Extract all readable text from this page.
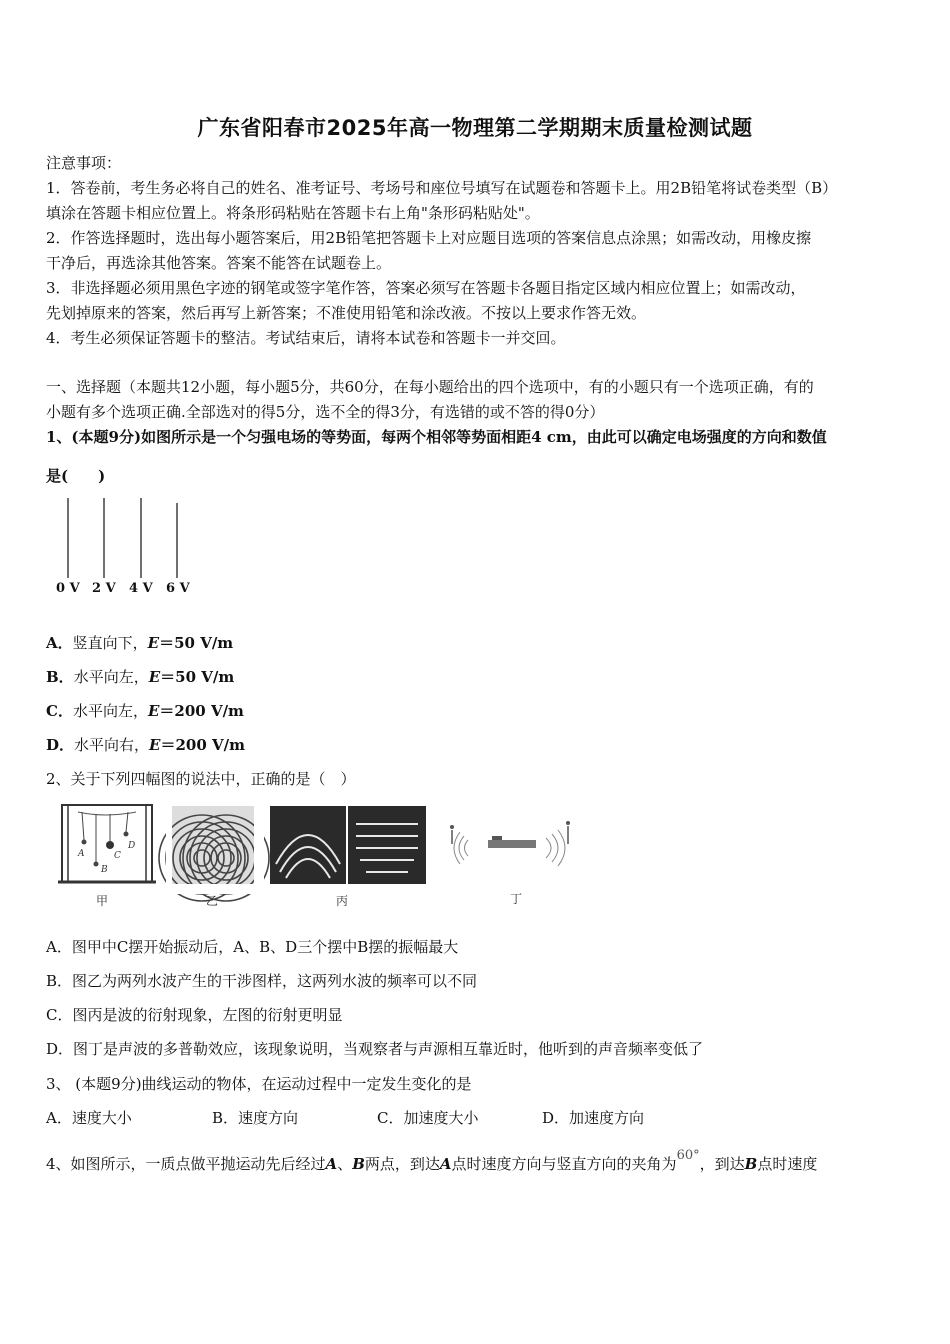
广东省阳春市2025年高一物理第二学期期末质量检测试题
注意事项：
1．答卷前，考生务必将自己的姓名、准考证号、考场号和座位号填写在试题卷和答题卡上。用2B铅笔将试卷类型（B）
填涂在答题卡相应位置上。将条形码粘贴在答题卡右上角"条形码粘贴处"。
2．作答选择题时，选出每小题答案后，用2B铅笔把答题卡上对应题目选项的答案信息点涂黑；如需改动，用橡皮擦
干净后，再选涂其他答案。答案不能答在试题卷上。
3．非选择题必须用黑色字迹的钢笔或签字笔作答，答案必须写在答题卡各题目指定区域内相应位置上；如需改动，
先划掉原来的答案，然后再写上新答案；不准使用铅笔和涂改液。不按以上要求作答无效。
4．考生必须保证答题卡的整洁。考试结束后，请将本试卷和答题卡一并交回。
一、选择题（本题共12小题，每小题5分，共60分，在每小题给出的四个选项中，有的小题只有一个选项正确，有的
小题有多个选项正确.全部选对的得5分，选不全的得3分，有选错的或不答的得0分）
1、(本题9分)如图所示是一个匀强电场的等势面，每两个相邻等势面相距4 cm，由此可以确定电场强度的方向和数值
是(　　)
0 V 2 V 4 V 6 V
A．竖直向下，E＝50 V/m
B．水平向左，E＝50 V/m
C．水平向左，E＝200 V/m
D．水平向右，E＝200 V/m
2、关于下列四幅图的说法中，正确的是（　）
A
B
C
D
甲	乙	丙	丁
A．图甲中C摆开始振动后，A、B、D三个摆中B摆的振幅最大
B．图乙为两列水波产生的干涉图样，这两列水波的频率可以不同
C．图丙是波的衍射现象，左图的衍射更明显
D．图丁是声波的多普勒效应，该现象说明，当观察者与声源相互靠近时，他听到的声音频率变低了
3、 (本题9分)曲线运动的物体，在运动过程中一定发生变化的是
A．速度大小	B．速度方向	C．加速度大小	D．加速度方向
4、如图所示，一质点做平抛运动先后经过A、B两点，到达A点时速度方向与竖直方向的夹角为60°，到达B点时速度
